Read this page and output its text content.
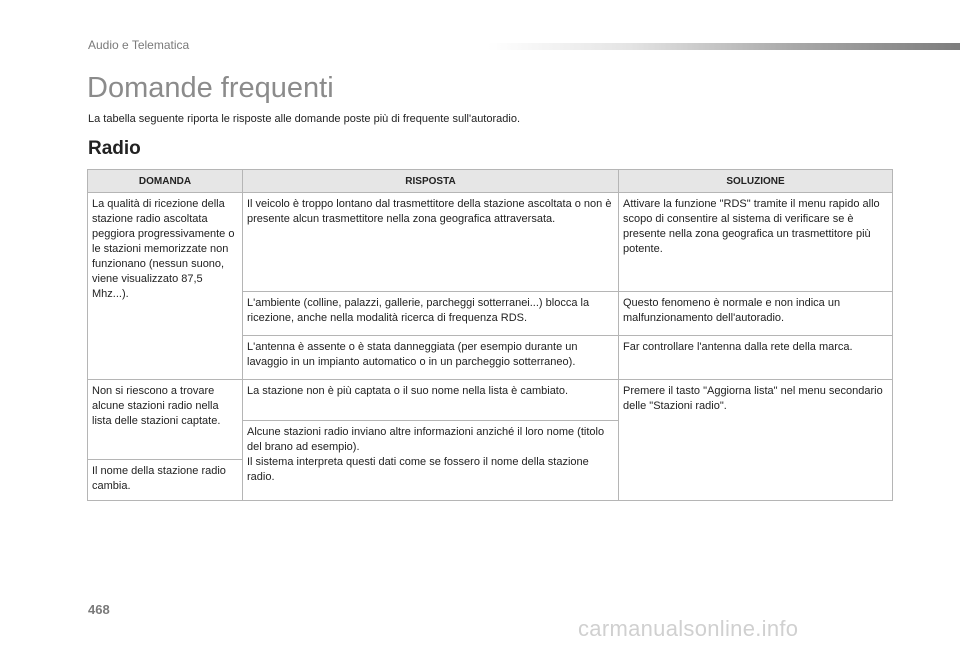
Audio e Telematica
Domande frequenti

La tabella seguente riporta le risposte alle domande poste più di frequente sull'autoradio.

Radio
DOMANDA	RISPOSTA	SOLUZIONE
La qualità di ricezione della stazione radio ascoltata peggiora progressivamente o le stazioni memorizzate non funzionano (nessun suono, viene visualizzato 87,5 Mhz...).	Il veicolo è troppo lontano dal trasmettitore della stazione ascoltata o non è presente alcun trasmettitore nella zona geografica attraversata.	Attivare la funzione "RDS" tramite il menu rapido allo scopo di consentire al sistema di verificare se è presente nella zona geografica un trasmettitore più potente.
	L'ambiente (colline, palazzi, gallerie, parcheggi sotterranei...) blocca la ricezione, anche nella modalità ricerca di frequenza RDS.	Questo fenomeno è normale e non indica un malfunzionamento dell'autoradio.
	L'antenna è assente o è stata danneggiata (per esempio durante un lavaggio in un impianto automatico o in un parcheggio sotterraneo).	Far controllare l'antenna dalla rete della marca.
Non si riescono a trovare alcune stazioni radio nella lista delle stazioni captate.	La stazione non è più captata o il suo nome nella lista è cambiato.	Premere il tasto "Aggiorna lista" nel menu secondario delle "Stazioni radio".

	Alcune stazioni radio inviano altre informazioni anziché il loro nome (titolo del brano ad esempio).
Il sistema interpreta questi dati come se fossero il nome della stazione radio.	

Il nome della stazione radio cambia.		
468
carmanualsonline.info
